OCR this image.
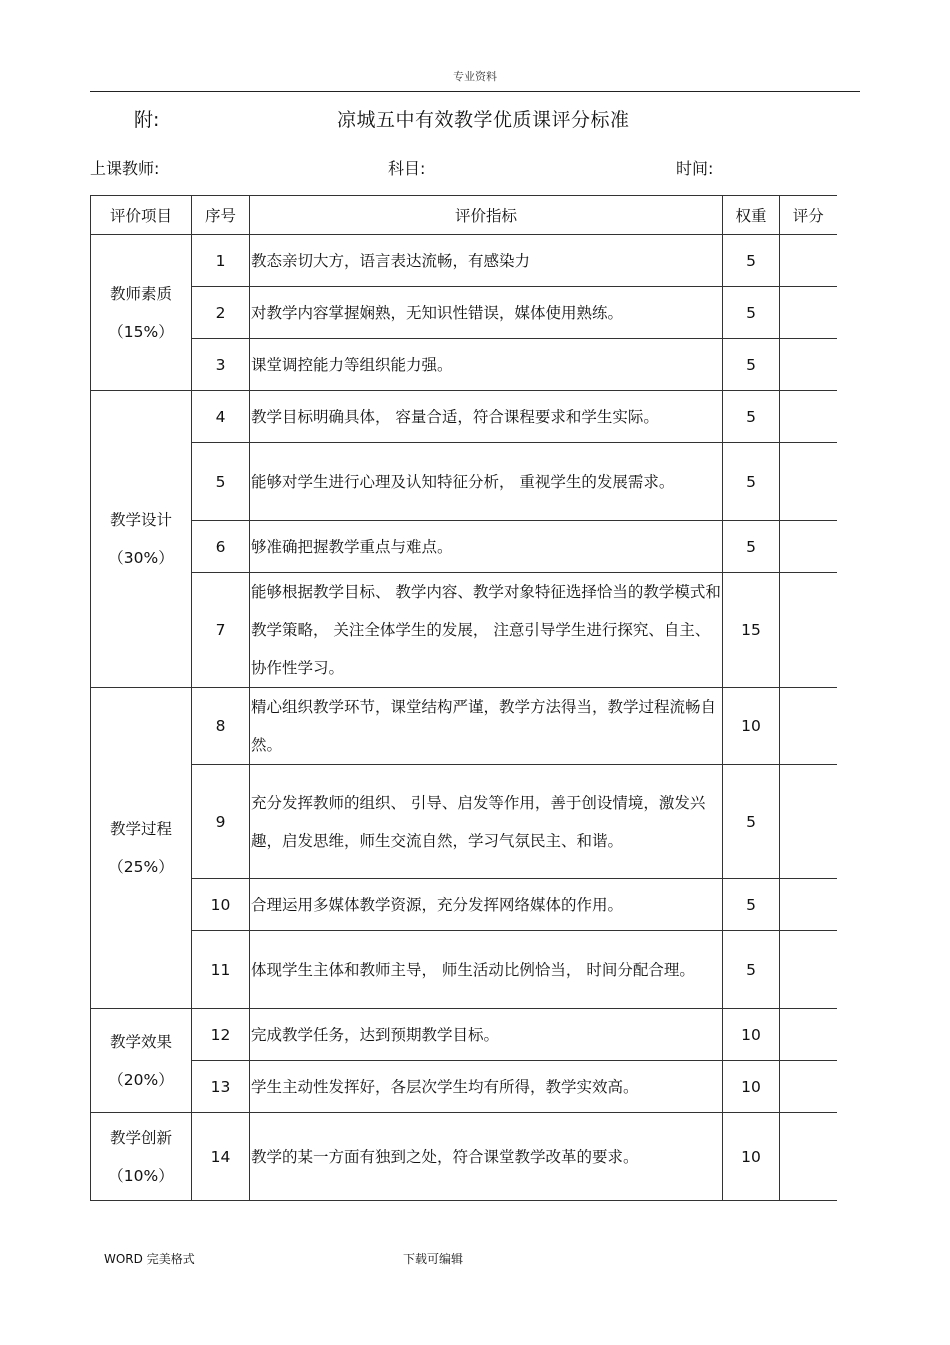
专业资料
附:	凉城五中有效教学优质课评分标准
上课教师:	科目:	时间:
评价项目	序号	评价指标	权重	评分

教师素质
（15%）	1	教态亲切大方，语言表达流畅，有感染力	5	
	2	对教学内容掌握娴熟，无知识性错误，媒体使用熟练。	5	
	3	课堂调控能力等组织能力强。	5	

教学设计
（30%）	4	教学目标明确具体， 容量合适，符合课程要求和学生实际。	5	
	5	能够对学生进行心理及认知特征分析， 重视学生的发展需求。	5	
	6	够准确把握教学重点与难点。	5	
	7	能够根据教学目标、 教学内容、教学对象特征选择恰当的教学模式和教学策略， 关注全体学生的发展， 注意引导学生进行探究、自主、协作性学习。	15	

教学过程
（25%）	8	精心组织教学环节，课堂结构严谨，教学方法得当，教学过程流畅自然。	10	
	9	充分发挥教师的组织、 引导、启发等作用，善于创设情境，激发兴趣，启发思维，师生交流自然，学习气氛民主、和谐。	5	
	10	合理运用多媒体教学资源，充分发挥网络媒体的作用。	5	
	11	体现学生主体和教师主导， 师生活动比例恰当， 时间分配合理。	5	

教学效果
（20%）	12	完成教学任务，达到预期教学目标。	10	
	13	学生主动性发挥好，各层次学生均有所得，教学实效高。	10	

教学创新
（10%）	14	教学的某一方面有独到之处，符合课堂教学改革的要求。	10	
WORD 完美格式	下载可编辑
